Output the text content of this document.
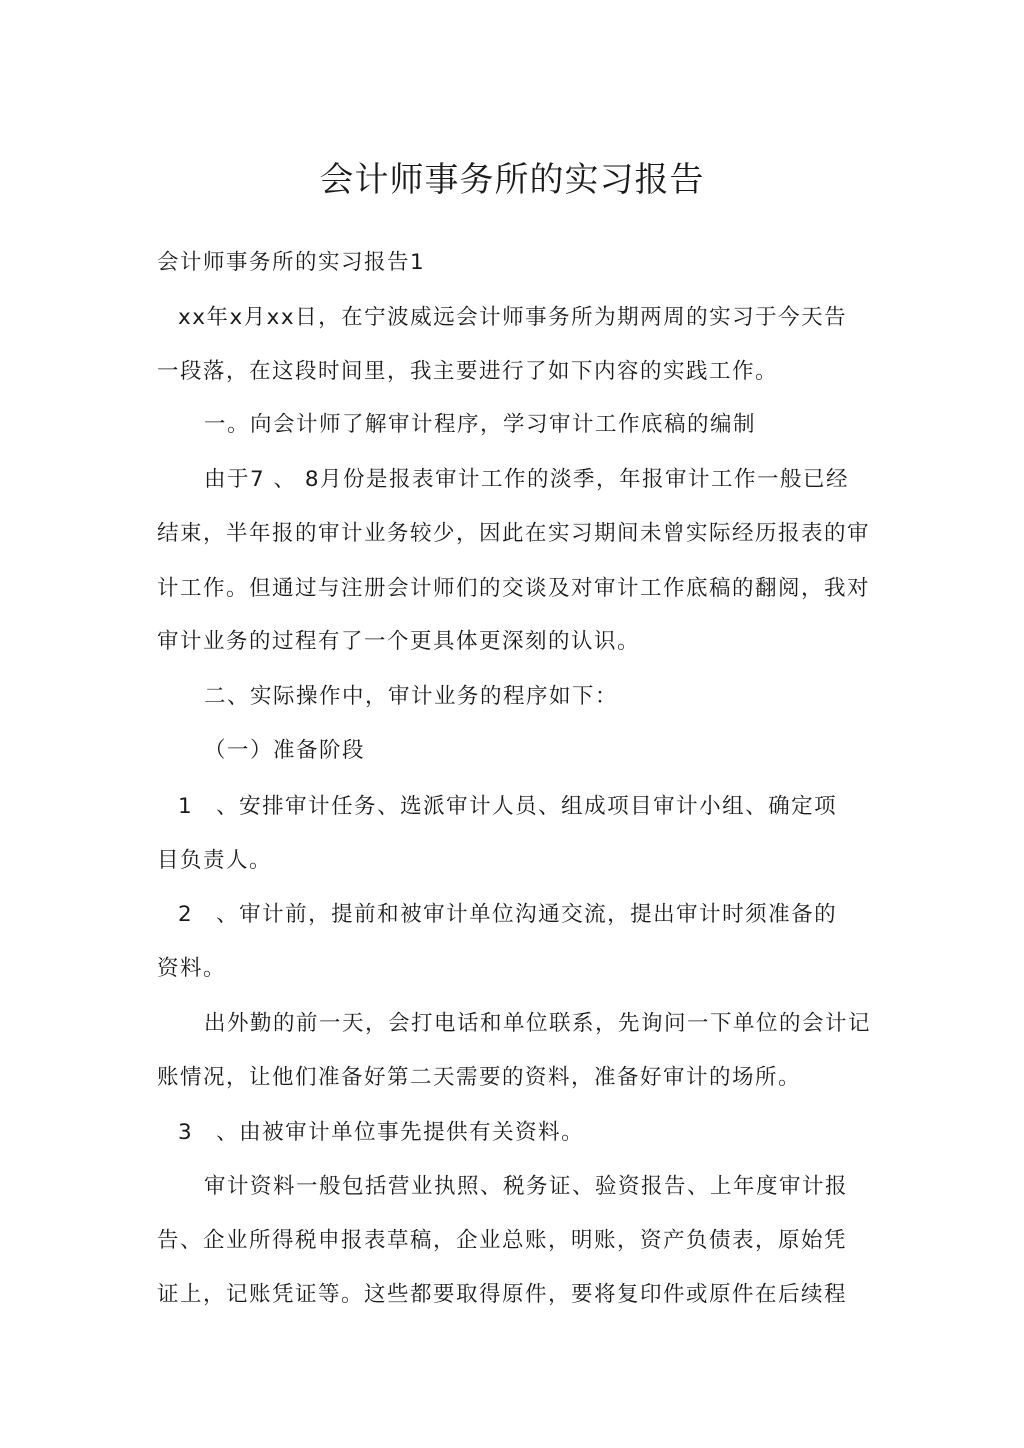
会计师事务所的实习报告
会计师事务所的实习报告1
xx年x月xx日，在宁波威远会计师事务所为期两周的实习于今天告
一段落，在这段时间里，我主要进行了如下内容的实践工作。
一。向会计师了解审计程序，学习审计工作底稿的编制
由于7 、 8月份是报表审计工作的淡季，年报审计工作一般已经
结束，半年报的审计业务较少，因此在实习期间未曾实际经历报表的审
计工作。但通过与注册会计师们的交谈及对审计工作底稿的翻阅，我对
审计业务的过程有了一个更具体更深刻的认识。
二、实际操作中，审计业务的程序如下：
（一）准备阶段
1　、安排审计任务、选派审计人员、组成项目审计小组、确定项
目负责人。
2　、审计前，提前和被审计单位沟通交流，提出审计时须准备的
资料。
出外勤的前一天，会打电话和单位联系，先询问一下单位的会计记
账情况，让他们准备好第二天需要的资料，准备好审计的场所。
3　、由被审计单位事先提供有关资料。
审计资料一般包括营业执照、税务证、验资报告、上年度审计报
告、企业所得税申报表草稿，企业总账，明账，资产负债表，原始凭
证上，记账凭证等。这些都要取得原件，要将复印件或原件在后续程
